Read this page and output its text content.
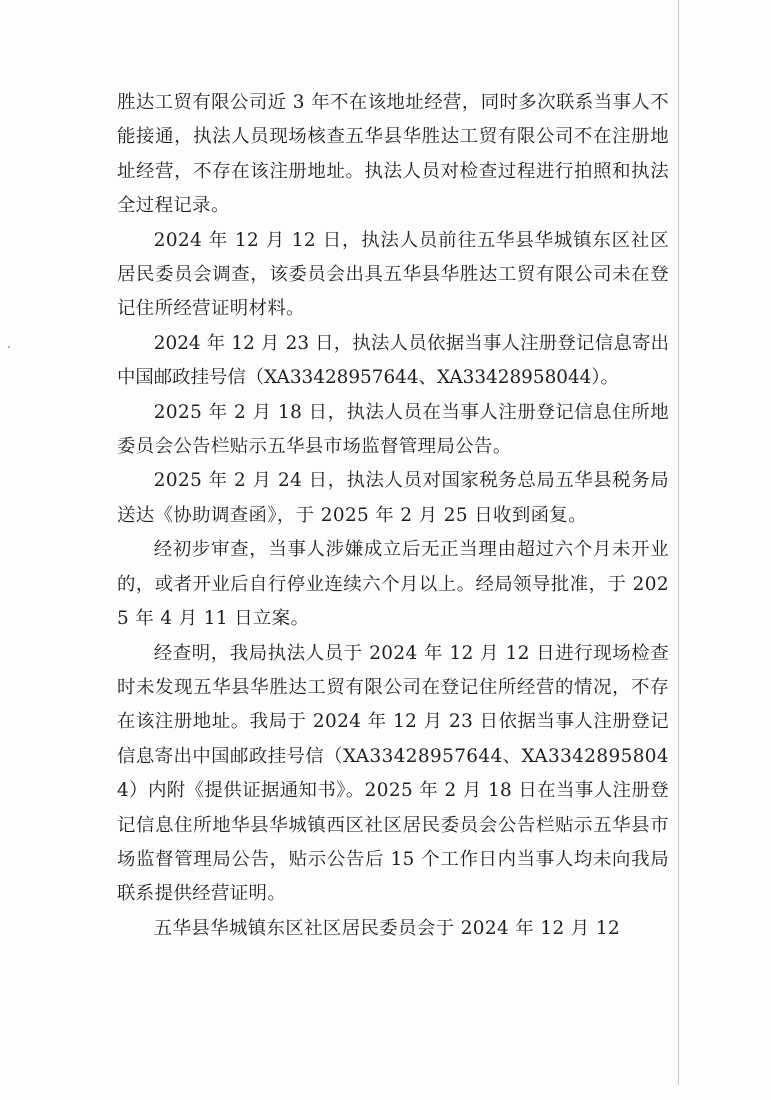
胜达工贸有限公司近 3 年不在该地址经营，同时多次联系当事人不能接通，执法人员现场核查五华县华胜达工贸有限公司不在注册地址经营，不存在该注册地址。执法人员对检查过程进行拍照和执法全过程记录。

2024 年 12 月 12 日，执法人员前往五华县华城镇东区社区居民委员会调查，该委员会出具五华县华胜达工贸有限公司未在登记住所经营证明材料。

2024 年 12 月 23 日，执法人员依据当事人注册登记信息寄出中国邮政挂号信（XA33428957644、XA33428958044）。

2025 年 2 月 18 日，执法人员在当事人注册登记信息住所地委员会公告栏贴示五华县市场监督管理局公告。

2025 年 2 月 24 日，执法人员对国家税务总局五华县税务局送达《协助调查函》，于 2025 年 2 月 25 日收到函复。

经初步审查，当事人涉嫌成立后无正当理由超过六个月未开业的，或者开业后自行停业连续六个月以上。经局领导批准，于 2025 年 4 月 11 日立案。

经查明，我局执法人员于 2024 年 12 月 12 日进行现场检查时未发现五华县华胜达工贸有限公司在登记住所经营的情况，不存在该注册地址。我局于 2024 年 12 月 23 日依据当事人注册登记信息寄出中国邮政挂号信（XA33428957644、XA33428958044）内附《提供证据通知书》。2025 年 2 月 18 日在当事人注册登记信息住所地华县华城镇西区社区居民委员会公告栏贴示五华县市场监督管理局公告，贴示公告后 15 个工作日内当事人均未向我局联系提供经营证明。

五华县华城镇东区社区居民委员会于 2024 年 12 月 12
